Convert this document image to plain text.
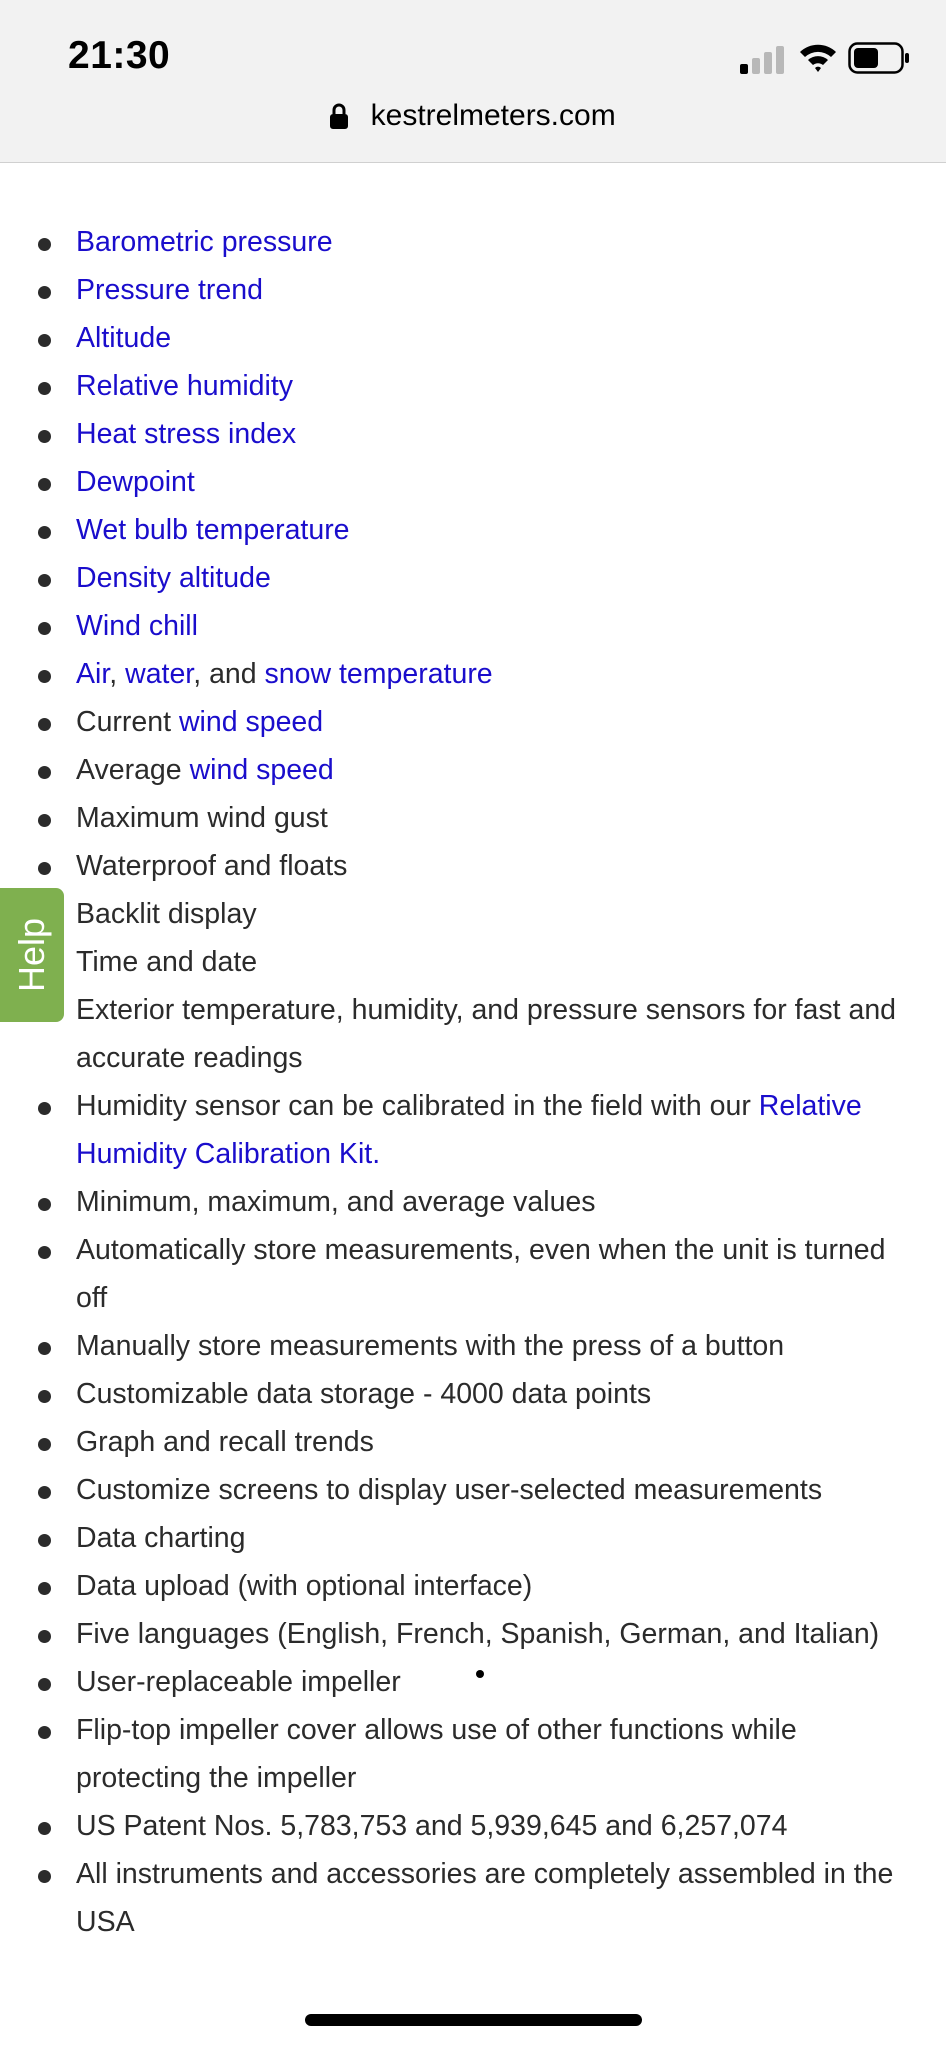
21:30
kestrelmeters.com
Barometric pressure
Pressure trend
Altitude
Relative humidity
Heat stress index
Dewpoint
Wet bulb temperature
Density altitude
Wind chill
Air, water, and snow temperature
Current wind speed
Average wind speed
Maximum wind gust
Waterproof and floats
Backlit display
Time and date
Exterior temperature, humidity, and pressure sensors for fast and accurate readings
Humidity sensor can be calibrated in the field with our Relative Humidity Calibration Kit.
Minimum, maximum, and average values
Automatically store measurements, even when the unit is turned off
Manually store measurements with the press of a button
Customizable data storage - 4000 data points
Graph and recall trends
Customize screens to display user-selected measurements
Data charting
Data upload (with optional interface)
Five languages (English, French, Spanish, German, and Italian)
User-replaceable impeller
Flip-top impeller cover allows use of other functions while protecting the impeller
US Patent Nos. 5,783,753 and 5,939,645 and 6,257,074
All instruments and accessories are completely assembled in the USA
Help
